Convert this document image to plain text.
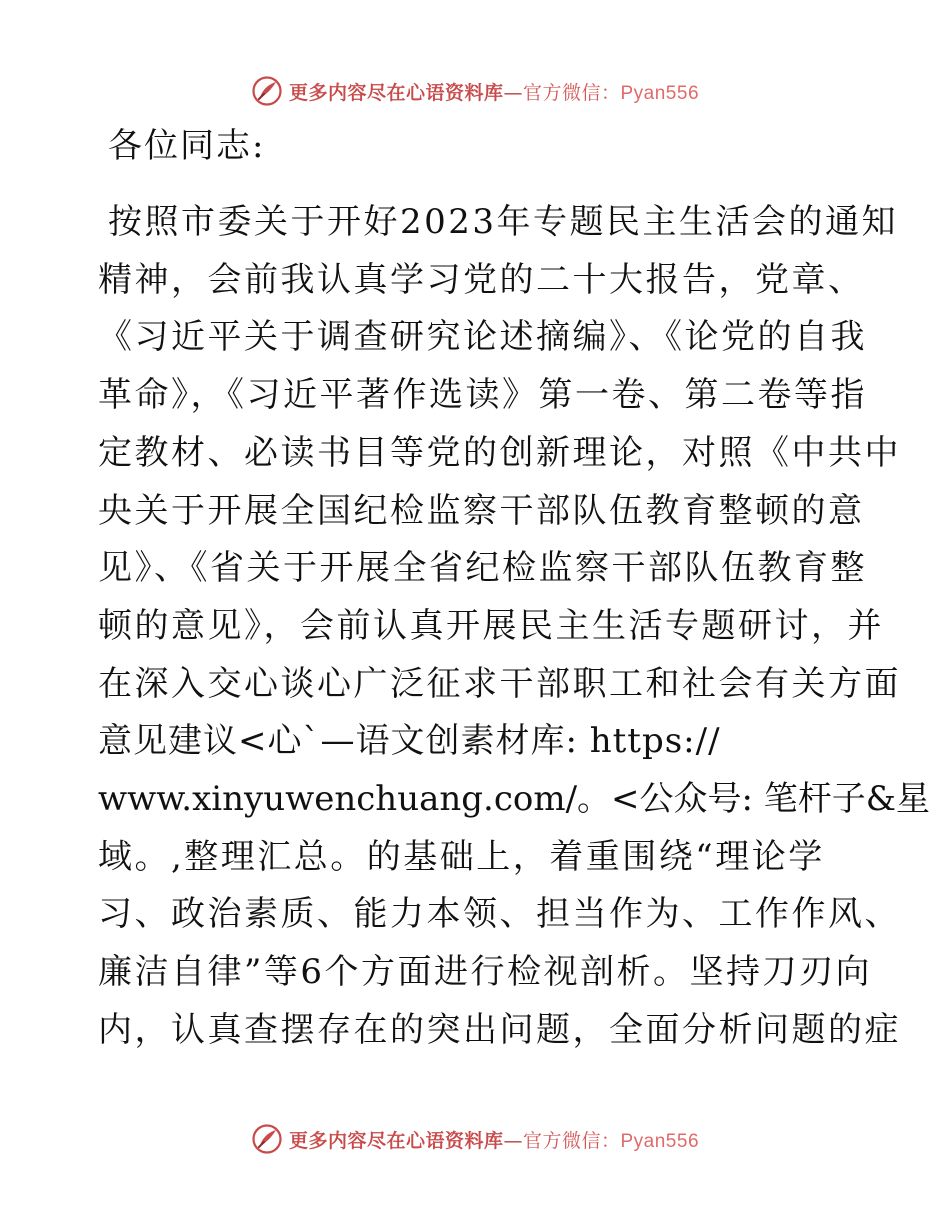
更多内容尽在心语资料库 — 官方微信： Pyan556

各位同志:

按照市委关于开好2023年专题民主生活会的通知

精神，会前我认真学习党的二十大报告，党章、

《习近平关于调查研究论述摘编》、《论党的自我

革命》，《习近平著作选读》第一卷、第二卷等指

定教材、必读书目等党的创新理论，对照《中共中

央关于开展全国纪检监察干部队伍教育整顿的意

见》、《省关于开展全省纪检监察干部队伍教育整

顿的意见》，会前认真开展民主生活专题研讨，并

在深入交心谈心广泛征求干部职工和社会有关方面

意见建议<心`—语文创素材库: https://

www.xinyuwenchuang.com/。<公众号: 笔杆子&星

域。,整理汇总。的基础上，着重围绕“理论学

习、政治素质、能力本领、担当作为、工作作风、

廉洁自律”等6个方面进行检视剖析。坚持刀刃向

内，认真查摆存在的突出问题，全面分析问题的症

更多内容尽在心语资料库 — 官方微信： Pyan556
